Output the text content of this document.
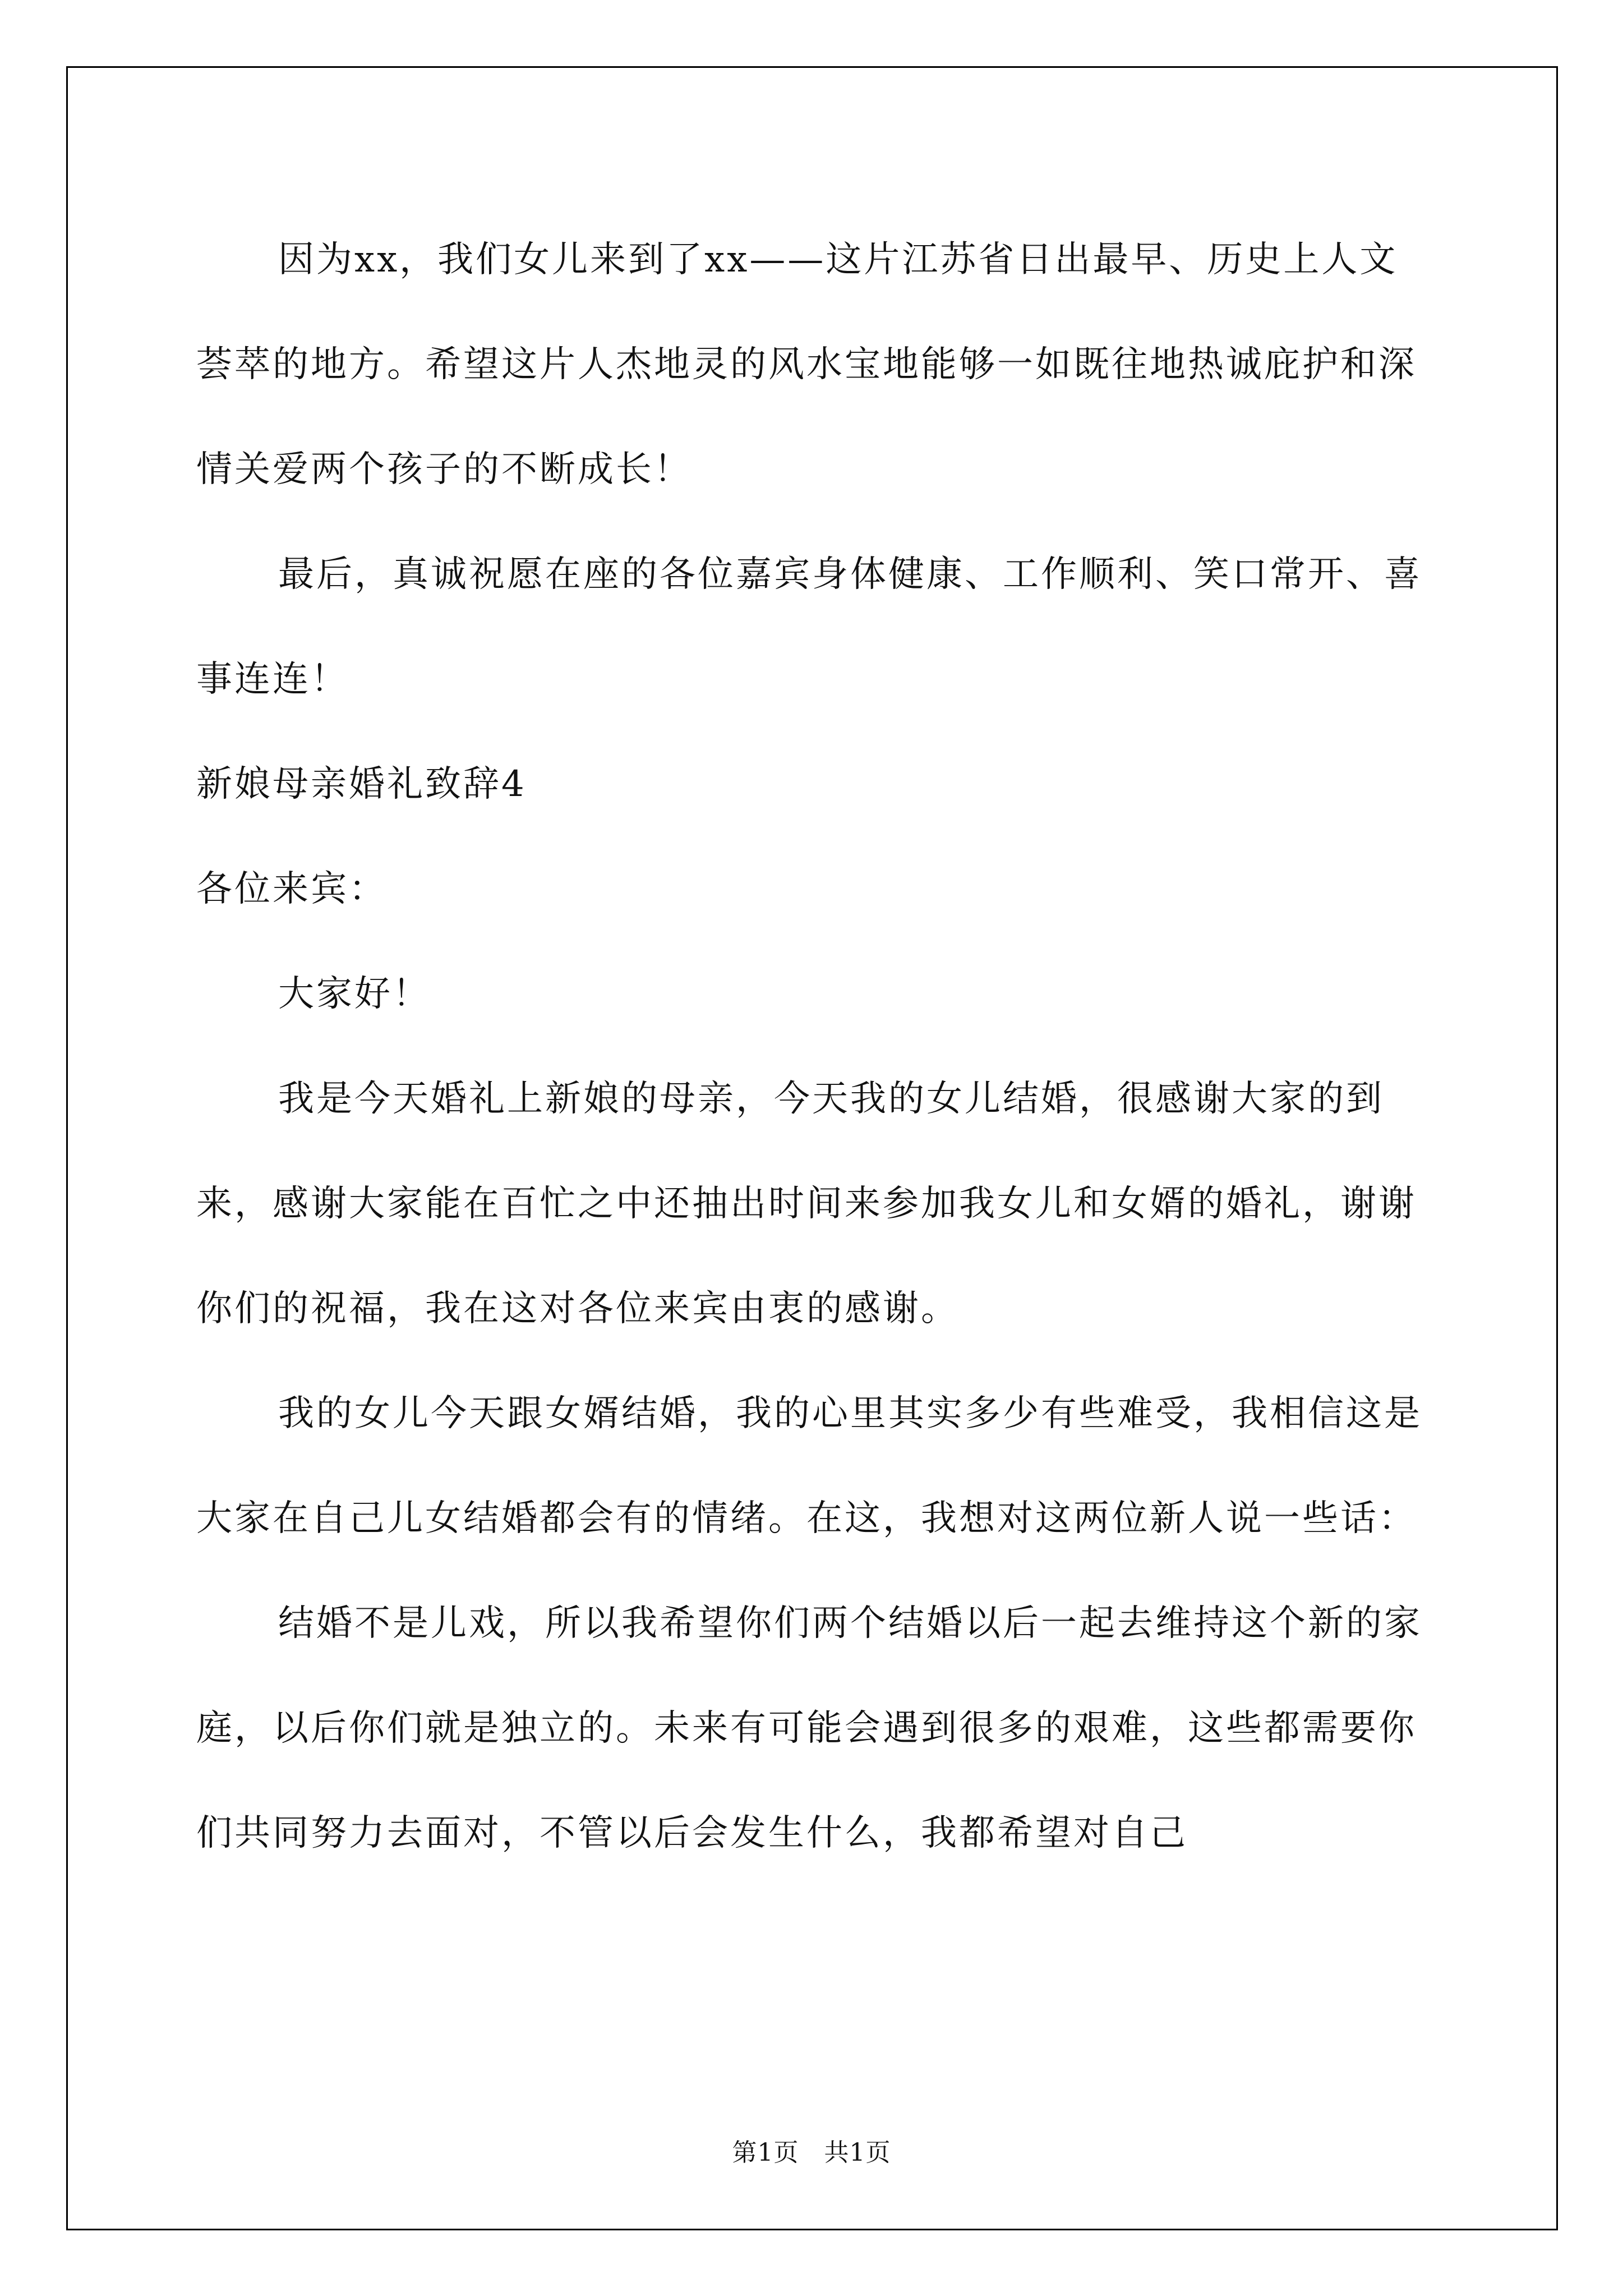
因为xx，我们女儿来到了xx——这片江苏省日出最早、历史上人文荟萃的地方。希望这片人杰地灵的风水宝地能够一如既往地热诚庇护和深情关爱两个孩子的不断成长！

最后，真诚祝愿在座的各位嘉宾身体健康、工作顺利、笑口常开、喜事连连！

新娘母亲婚礼致辞4

各位来宾：

大家好！

我是今天婚礼上新娘的母亲，今天我的女儿结婚，很感谢大家的到来，感谢大家能在百忙之中还抽出时间来参加我女儿和女婿的婚礼，谢谢你们的祝福，我在这对各位来宾由衷的感谢。

我的女儿今天跟女婿结婚，我的心里其实多少有些难受，我相信这是大家在自己儿女结婚都会有的情绪。在这，我想对这两位新人说一些话：

结婚不是儿戏，所以我希望你们两个结婚以后一起去维持这个新的家庭，以后你们就是独立的。未来有可能会遇到很多的艰难，这些都需要你们共同努力去面对，不管以后会发生什么，我都希望对自己

第1页　共1页
